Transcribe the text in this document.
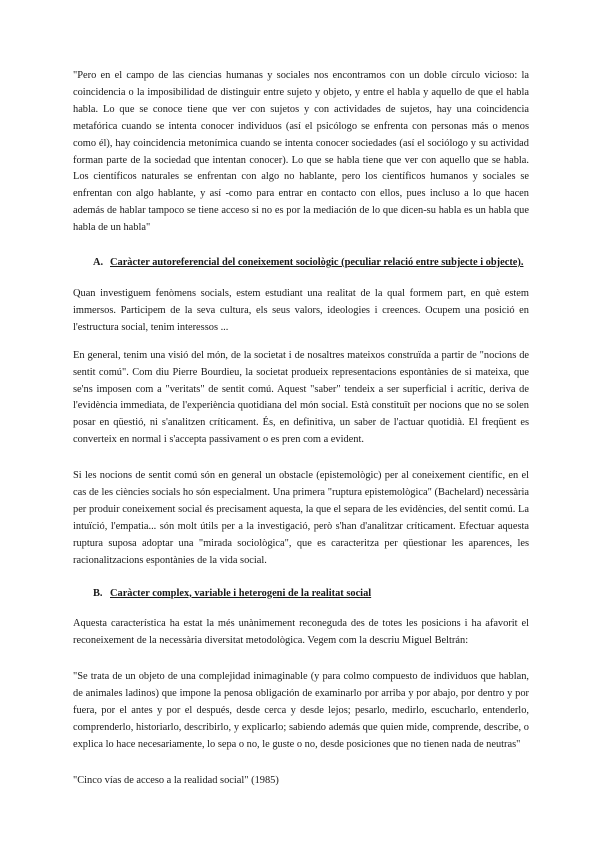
"Pero en el campo de las ciencias humanas y sociales nos encontramos con un doble círculo vicioso: la coincidencia o la imposibilidad de distinguir entre sujeto y objeto, y entre el habla y aquello de que el habla habla. Lo que se conoce tiene que ver con sujetos y con actividades de sujetos, hay una coincidencia metafórica cuando se intenta conocer individuos (así el psicólogo se enfrenta con personas más o menos como él), hay coincidencia metonímica cuando se intenta conocer sociedades (así el sociólogo y su actividad forman parte de la sociedad que intentan conocer). Lo que se habla tiene que ver con aquello que se habla. Los científicos naturales se enfrentan con algo no hablante, pero los científicos humanos y sociales se enfrentan con algo hablante, y así -como para entrar en contacto con ellos, pues incluso a lo que hacen además de hablar tampoco se tiene acceso si no es por la mediación de lo que dicen-su habla es un habla que habla de un habla"

A. Caràcter autoreferencial del coneixement sociològic (peculiar relació entre subjecte i objecte).

Quan investiguem fenòmens socials, estem estudiant una realitat de la qual formem part, en què estem immersos. Participem de la seva cultura, els seus valors, ideologies i creences. Ocupem una posició en l'estructura social, tenim interessos ...

En general, tenim una visió del món, de la societat i de nosaltres mateixos construïda a partir de "nocions de sentit comú". Com diu Pierre Bourdieu, la societat produeix representacions espontànies de si mateixa, que se'ns imposen com a "veritats" de sentit comú. Aquest "saber" tendeix a ser superficial i acrític, deriva de l'evidència immediata, de l'experiència quotidiana del món social. Està constituït per nocions que no se solen posar en qüestió, ni s'analitzen críticament. És, en definitiva, un saber de l'actuar quotidià. El freqüent es converteix en normal i s'accepta passivament o es pren com a evident.

Si les nocions de sentit comú són en general un obstacle (epistemològic) per al coneixement científic, en el cas de les ciències socials ho són especialment. Una primera "ruptura epistemològica" (Bachelard) necessària per produir coneixement social és precisament aquesta, la que el separa de les evidències, del sentit comú. La intuïció, l'empatia... són molt útils per a la investigació, però s'han d'analitzar críticament. Efectuar aquesta ruptura suposa adoptar una "mirada sociològica", que es caracteritza per qüestionar les aparences, les racionalitzacions espontànies de la vida social.

B. Caràcter complex, variable i heterogeni de la realitat social

Aquesta característica ha estat la més unànimement reconeguda des de totes les posicions i ha afavorit el reconeixement de la necessària diversitat metodològica. Vegem com la descriu Miguel Beltrán:

"Se trata de un objeto de una complejidad inimaginable (y para colmo compuesto de individuos que hablan, de animales ladinos) que impone la penosa obligación de examinarlo por arriba y por abajo, por dentro y por fuera, por el antes y por el después, desde cerca y desde lejos; pesarlo, medirlo, escucharlo, entenderlo, comprenderlo, historiarlo, describirlo, y explicarlo; sabiendo además que quien mide, comprende, describe, o explica lo hace necesariamente, lo sepa o no, le guste o no, desde posiciones que no tienen nada de neutras"

"Cinco vías de acceso a la realidad social" (1985)
